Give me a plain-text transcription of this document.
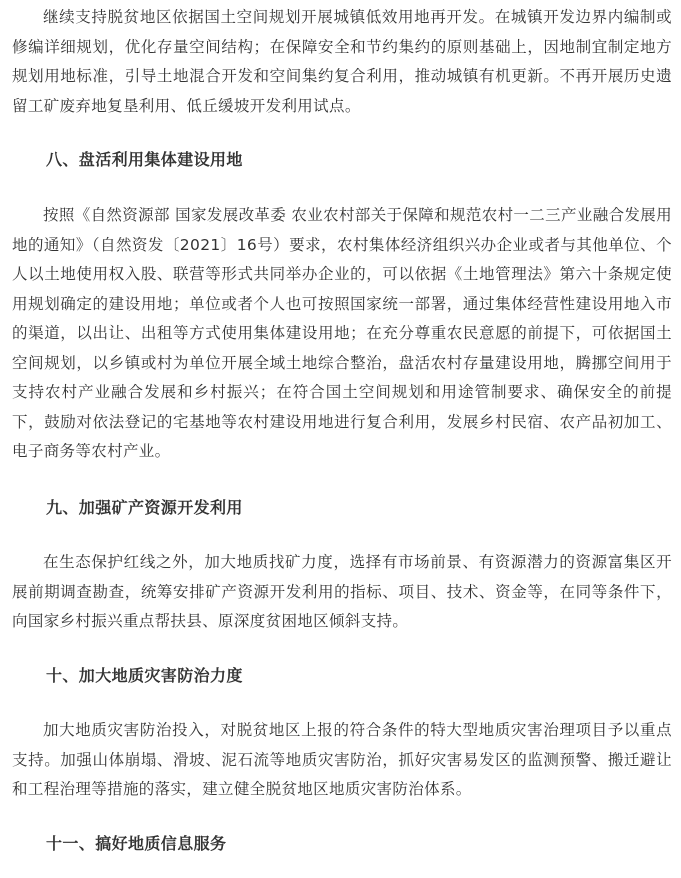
继续支持脱贫地区依据国土空间规划开展城镇低效用地再开发。在城镇开发边界内编制或修编详细规划，优化存量空间结构；在保障安全和节约集约的原则基础上，因地制宜制定地方规划用地标准，引导土地混合开发和空间集约复合利用，推动城镇有机更新。不再开展历史遗留工矿废弃地复垦利用、低丘缓坡开发利用试点。

八、盘活利用集体建设用地

按照《自然资源部 国家发展改革委 农业农村部关于保障和规范农村一二三产业融合发展用地的通知》（自然资发〔2021〕16号）要求，农村集体经济组织兴办企业或者与其他单位、个人以土地使用权入股、联营等形式共同举办企业的，可以依据《土地管理法》第六十条规定使用规划确定的建设用地；单位或者个人也可按照国家统一部署，通过集体经营性建设用地入市的渠道，以出让、出租等方式使用集体建设用地；在充分尊重农民意愿的前提下，可依据国土空间规划，以乡镇或村为单位开展全域土地综合整治，盘活农村存量建设用地，腾挪空间用于支持农村产业融合发展和乡村振兴；在符合国土空间规划和用途管制要求、确保安全的前提下，鼓励对依法登记的宅基地等农村建设用地进行复合利用，发展乡村民宿、农产品初加工、电子商务等农村产业。

九、加强矿产资源开发利用

在生态保护红线之外，加大地质找矿力度，选择有市场前景、有资源潜力的资源富集区开展前期调查勘查，统筹安排矿产资源开发利用的指标、项目、技术、资金等，在同等条件下，向国家乡村振兴重点帮扶县、原深度贫困地区倾斜支持。

十、加大地质灾害防治力度

加大地质灾害防治投入，对脱贫地区上报的符合条件的特大型地质灾害治理项目予以重点支持。加强山体崩塌、滑坡、泥石流等地质灾害防治，抓好灾害易发区的监测预警、搬迁避让和工程治理等措施的落实，建立健全脱贫地区地质灾害防治体系。

十一、搞好地质信息服务
